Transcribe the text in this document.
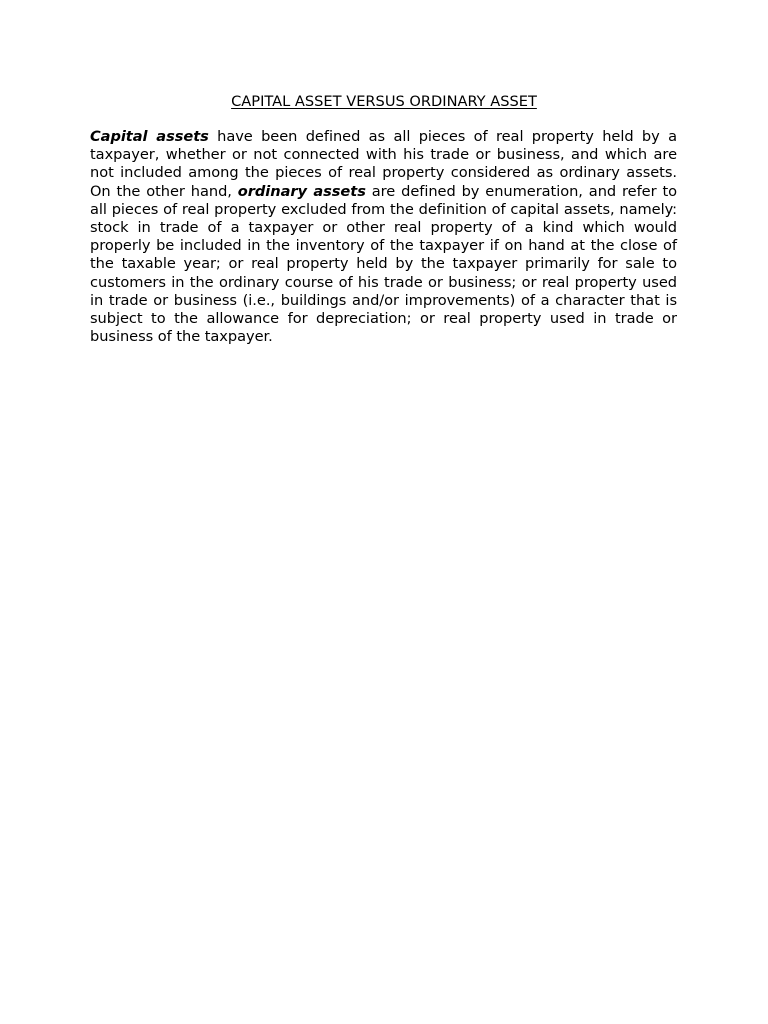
CAPITAL ASSET VERSUS ORDINARY ASSET

Capital assets have been defined as all pieces of real property held by a taxpayer, whether or not connected with his trade or business, and which are not included among the pieces of real property considered as ordinary assets. On the other hand, ordinary assets are defined by enumeration, and refer to all pieces of real property excluded from the definition of capital assets, namely: stock in trade of a taxpayer or other real property of a kind which would properly be included in the inventory of the taxpayer if on hand at the close of the taxable year; or real property held by the taxpayer primarily for sale to customers in the ordinary course of his trade or business; or real property used in trade or business (i.e., buildings and/or improvements) of a character that is subject to the allowance for depreciation; or real property used in trade or business of the taxpayer.
